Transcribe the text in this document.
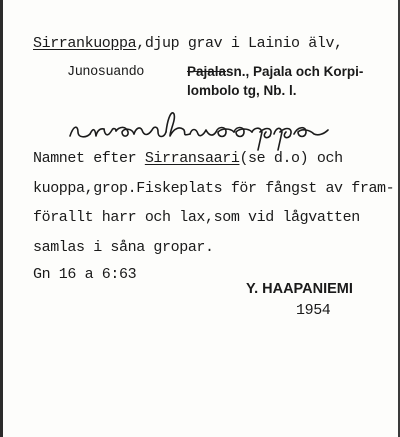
Sirrankuoppa,djup grav i Lainio älv,
Junosuando	Pajalasn., Pajala och Korpi-
lombolo tg, Nb. l.
Namnet efter Sirransaari(se d.o) och
kuoppa,grop.Fiskeplats för fångst av fram-
förallt harr och lax,som vid lågvatten
samlas i såna gropar.
Gn 16 a 6:63
Y. HAAPANIEMI
1954
